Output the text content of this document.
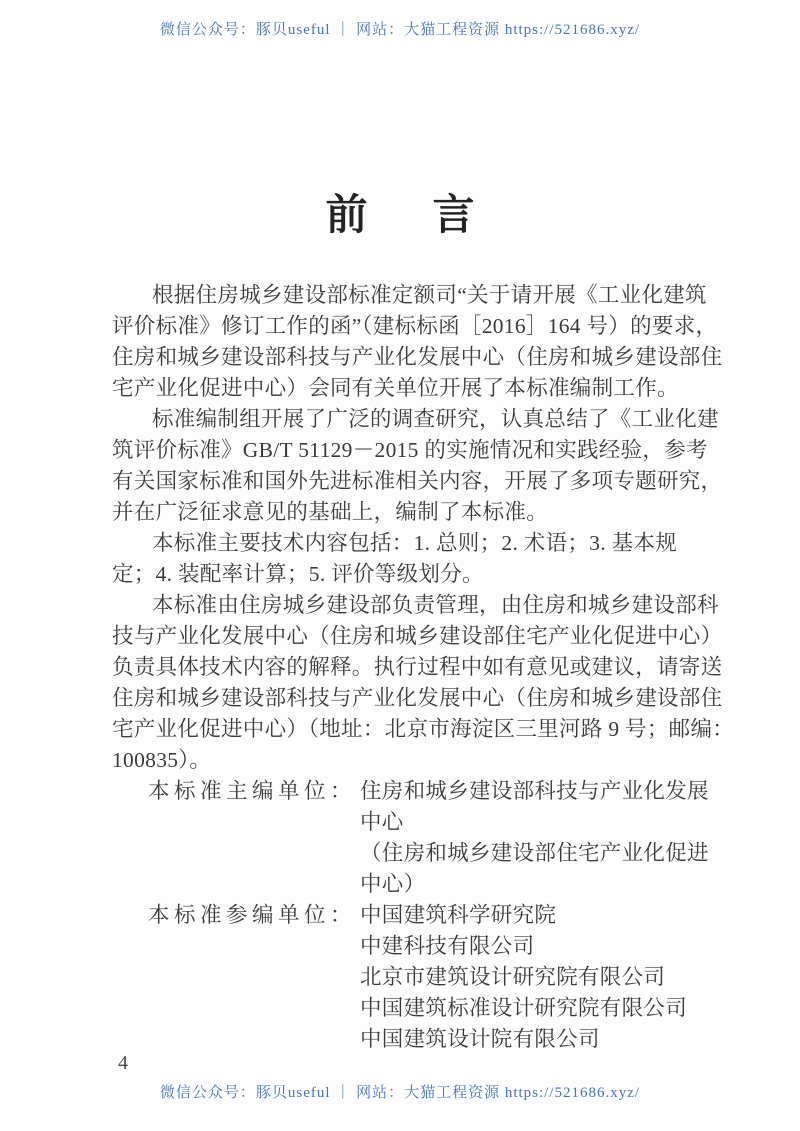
微信公众号：豚贝useful ｜ 网站：大猫工程资源 https://521686.xyz/
前言
根据住房城乡建设部标准定额司“关于请开展《工业化建筑
评价标准》修订工作的函”（建标标函［2016］164 号）的要求，
住房和城乡建设部科技与产业化发展中心（住房和城乡建设部住
宅产业化促进中心）会同有关单位开展了本标准编制工作。
标准编制组开展了广泛的调查研究，认真总结了《工业化建
筑评价标准》GB/T 51129－2015 的实施情况和实践经验，参考
有关国家标准和国外先进标准相关内容，开展了多项专题研究，
并在广泛征求意见的基础上，编制了本标准。
本标准主要技术内容包括：1. 总则；2. 术语；3. 基本规
定；4. 装配率计算；5. 评价等级划分。
本标准由住房城乡建设部负责管理，由住房和城乡建设部科
技与产业化发展中心（住房和城乡建设部住宅产业化促进中心）
负责具体技术内容的解释。执行过程中如有意见或建议，请寄送
住房和城乡建设部科技与产业化发展中心（住房和城乡建设部住
宅产业化促进中心）（地址：北京市海淀区三里河路 9 号；邮编：
100835）。
本标准主编单位： 住房和城乡建设部科技与产业化发展
中心
（住房和城乡建设部住宅产业化促进
中心）
本标准参编单位： 中国建筑科学研究院
中建科技有限公司
北京市建筑设计研究院有限公司
中国建筑标准设计研究院有限公司
中国建筑设计院有限公司
4
微信公众号：豚贝useful ｜ 网站：大猫工程资源 https://521686.xyz/
